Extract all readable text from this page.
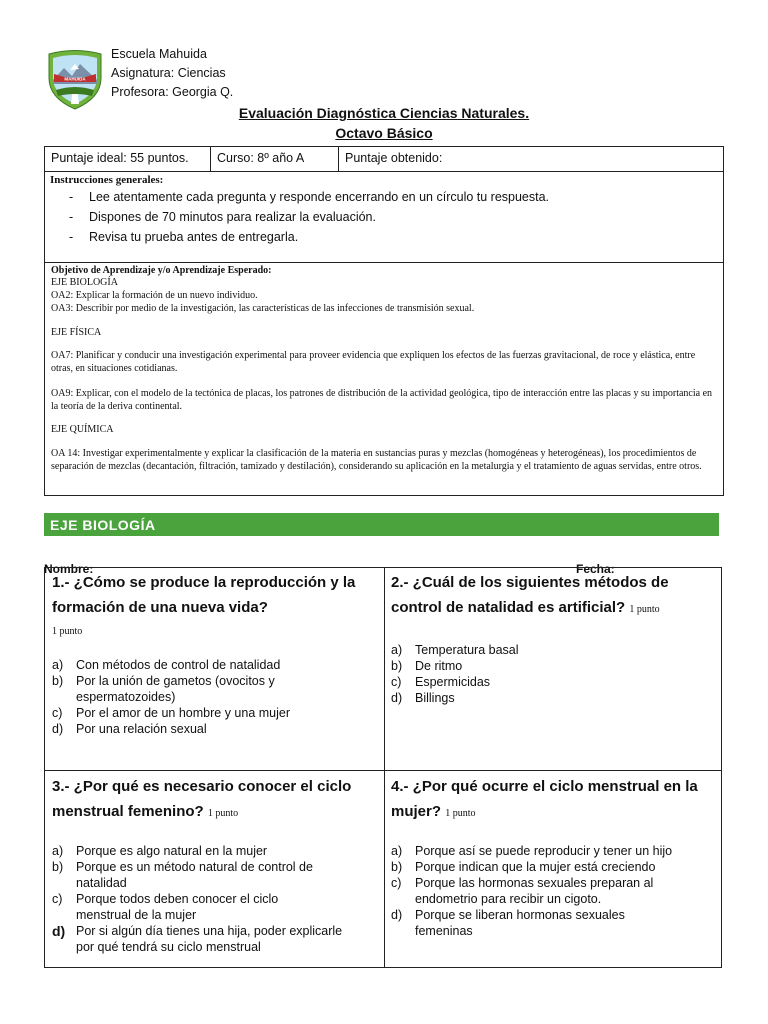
MAHUIDA
Escuela Mahuida
Asignatura: Ciencias
Profesora: Georgia Q.
Evaluación Diagnóstica Ciencias Naturales.
Octavo Básico
Puntaje ideal: 55 puntos.	Curso: 8º año A	Puntaje obtenido:
Instrucciones generales:
- Lee atentamente cada pregunta y responde encerrando en un círculo tu respuesta.
- Dispones de 70 minutos para realizar la evaluación.
- Revisa tu prueba antes de entregarla.

Objetivo de Aprendizaje y/o Aprendizaje Esperado:

EJE BIOLOGÍA

OA2: Explicar la formación de un nuevo individuo.

OA3: Describir por medio de la investigación, las características de las infecciones de transmisión sexual.

EJE FÍSICA

OA7: Planificar y conducir una investigación experimental para proveer evidencia que expliquen los efectos de las fuerzas gravitacional, de roce y elástica, entre otras, en situaciones cotidianas.

OA9: Explicar, con el modelo de la tectónica de placas, los patrones de distribución de la actividad geológica, tipo de interacción entre las placas y su importancia en la teoría de la deriva continental.

EJE QUÍMICA

OA 14: Investigar experimentalmente y explicar la clasificación de la materia en sustancias puras y mezclas (homogéneas y heterogéneas), los procedimientos de separación de mezclas (decantación, filtración, tamizado y destilación), considerando su aplicación en la metalurgia y el tratamiento de aguas servidas, entre otros.

EJE BIOLOGÍA
Nombre:	Fecha:
1.- ¿Cómo se produce la reproducción y la formación de una nueva vida?
1 punto
a)	Con métodos de control de natalidad
b)	Por la unión de gametos (ovocitos y espermatozoides)
c)	Por el amor de un hombre y una mujer
d)	Por una relación sexual
2.- ¿Cuál de los siguientes métodos de control de natalidad es artificial? 1 punto
a)	Temperatura basal
b)	De ritmo
c)	Espermicidas
d)	Billings
3.- ¿Por qué es necesario conocer el ciclo menstrual femenino? 1 punto
a)	Porque es algo natural en la mujer
b)	Porque es un método natural de control de natalidad
c)	Porque todos deben conocer el ciclo menstrual de la mujer
d) Por si algún día tienes una hija, poder explicarle por qué tendrá su ciclo menstrual
4.- ¿Por qué ocurre el ciclo menstrual en la mujer? 1 punto
a)	Porque así se puede reproducir y tener un hijo
b)	Porque indican que la mujer está creciendo
c)	Porque las hormonas sexuales preparan al endometrio para recibir un cigoto.
d)	Porque se liberan hormonas sexuales femeninas
